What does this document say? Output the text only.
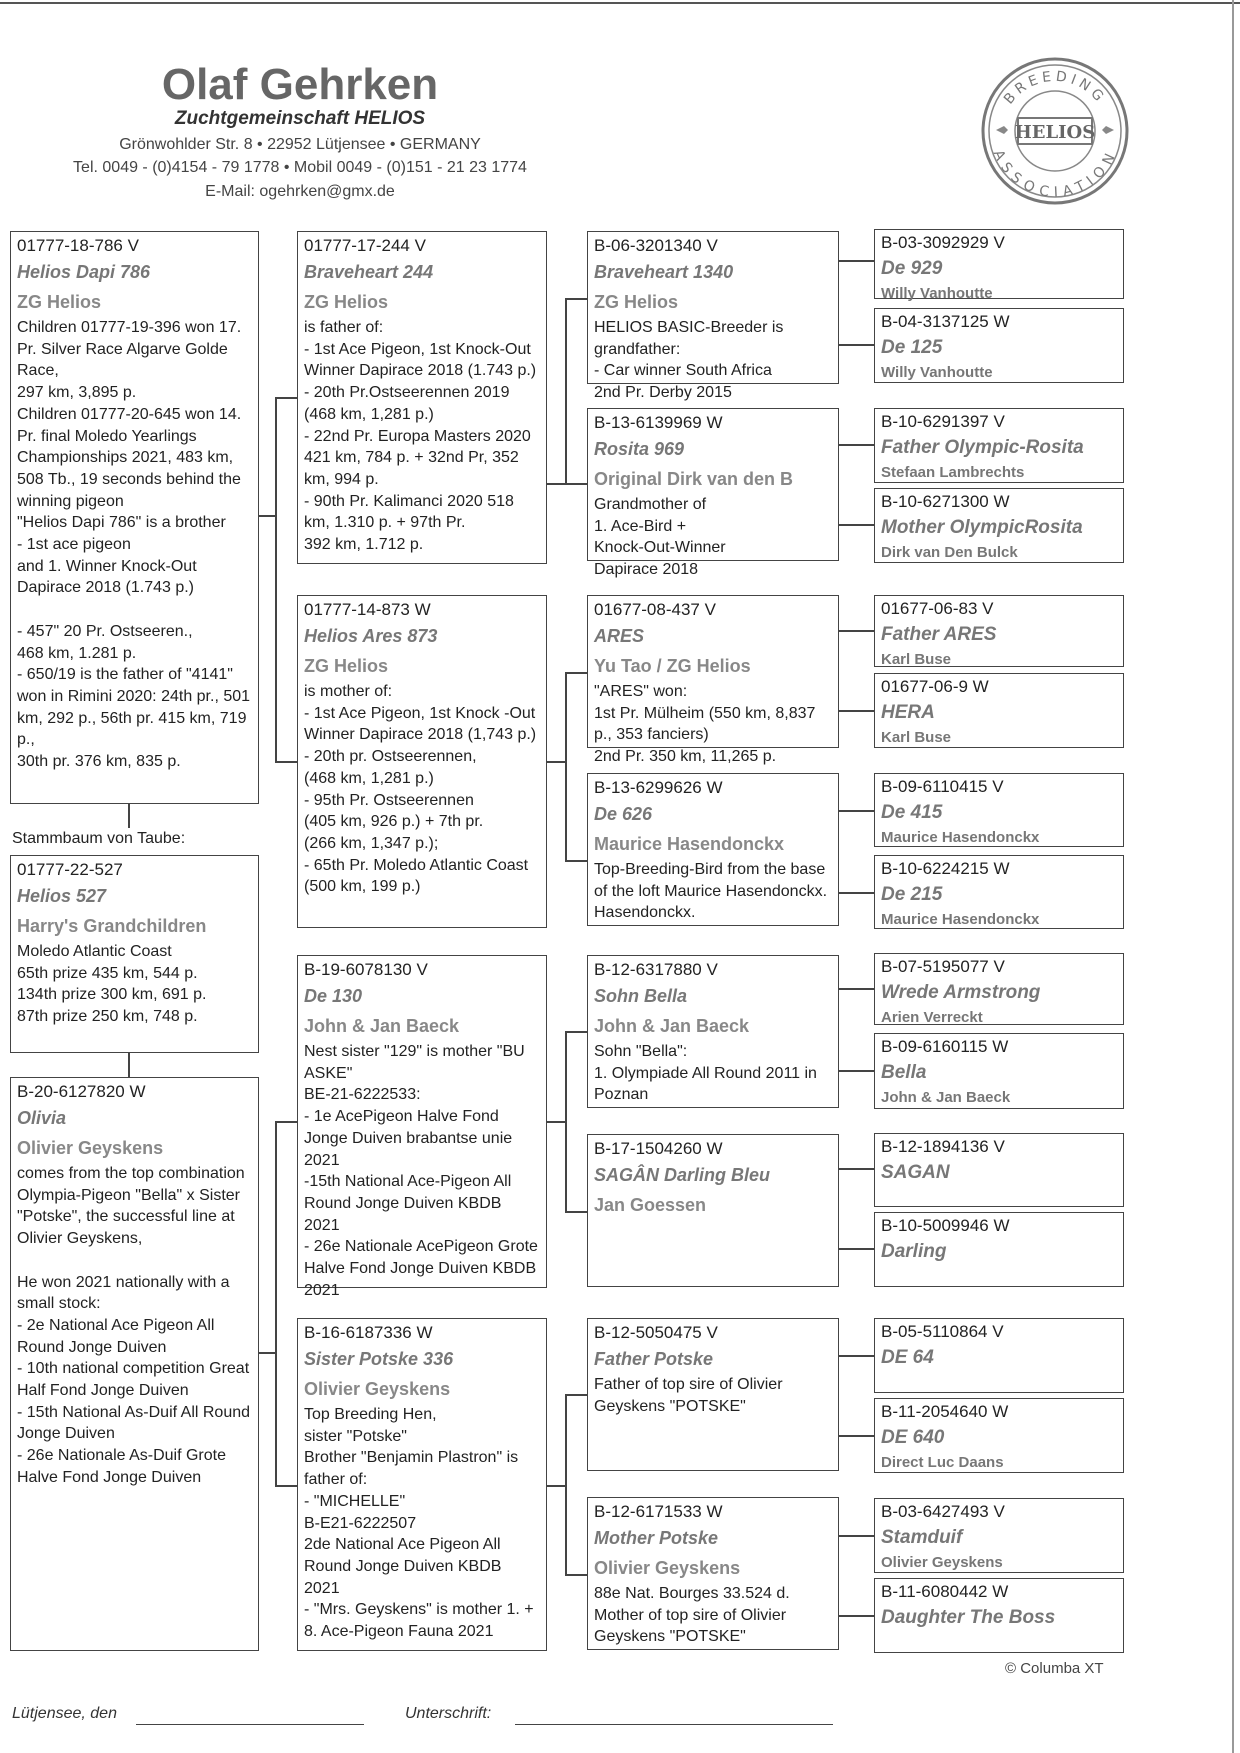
Olaf Gehrken
Zuchtgemeinschaft HELIOS
Grönwohlder Str. 8 • 22952 Lütjensee • GERMANY
Tel. 0049 - (0)4154 - 79 1778 • Mobil 0049 - (0)151 - 21 23 1774
E-Mail: ogehrken@gmx.de
BREEDING
ASSOCIATION
HELIOS
01777-18-786 V
Helios Dapi 786
ZG Helios
Children 01777-19-396 won 17. Pr. Silver Race Algarve Golde Race,
297 km, 3,895 p.
Children 01777-20-645 won 14. Pr. final Moledo Yearlings Championships 2021, 483 km, 508 Tb., 19 seconds behind the winning pigeon
"Helios Dapi 786" is a brother
- 1st ace pigeon
and 1. Winner Knock-Out Dapirace 2018 (1.743 p.)

- 457" 20 Pr. Ostseeren.,
468 km, 1.281 p.
- 650/19 is the father of "4141" won in Rimini 2020: 24th pr., 501 km, 292 p., 56th pr. 415 km, 719 p.,
30th pr. 376 km, 835 p.
Stammbaum von Taube:
01777-22-527
Helios 527
Harry's Grandchildren
Moledo Atlantic Coast
65th prize 435 km, 544 p.
134th prize 300 km, 691 p.
87th prize 250 km, 748 p.
B-20-6127820 W
Olivia
Olivier Geyskens
comes from the top combination Olympia-Pigeon "Bella" x Sister "Potske", the successful line at Olivier Geyskens,

He won 2021 nationally with a small stock:
- 2e National Ace Pigeon All Round Jonge Duiven
- 10th national competition Great Half Fond Jonge Duiven
- 15th National As-Duif All Round Jonge Duiven
- 26e Nationale As-Duif Grote Halve Fond Jonge Duiven
01777-17-244 V
Braveheart 244
ZG Helios
is father of:
- 1st Ace Pigeon, 1st Knock-Out Winner Dapirace 2018 (1.743 p.)
- 20th Pr.Ostseerennen 2019 (468 km, 1,281 p.)
- 22nd Pr. Europa Masters 2020 421 km, 784 p. + 32nd Pr, 352 km, 994 p.
- 90th Pr. Kalimanci 2020 518 km, 1.310 p. + 97th Pr.
392 km, 1.712 p.
01777-14-873 W
Helios Ares 873
ZG Helios
is mother of:
- 1st Ace Pigeon, 1st Knock -Out Winner Dapirace 2018 (1,743 p.)
- 20th pr. Ostseerennen,
(468 km, 1,281 p.)
- 95th Pr. Ostseerennen
(405 km, 926 p.) + 7th pr.
(266 km, 1,347 p.);
- 65th Pr. Moledo Atlantic Coast (500 km, 199 p.)
B-19-6078130 V
De 130
John & Jan Baeck
Nest sister "129" is mother "BU ASKE"
BE-21-6222533:
- 1e AcePigeon Halve Fond Jonge Duiven brabantse unie 2021
-15th National Ace-Pigeon All Round Jonge Duiven KBDB 2021
- 26e Nationale AcePigeon Grote Halve Fond Jonge Duiven KBDB 2021
B-16-6187336 W
Sister Potske 336
Olivier Geyskens
Top Breeding Hen,
sister "Potske"
Brother "Benjamin Plastron" is father of:
- "MICHELLE"
B-E21-6222507
2de National Ace Pigeon All Round Jonge Duiven KBDB 2021
- "Mrs. Geyskens" is mother 1. + 8. Ace-Pigeon Fauna 2021
B-06-3201340 V
Braveheart 1340
ZG Helios
HELIOS BASIC-Breeder is grandfather:
- Car winner South Africa
2nd Pr. Derby 2015
B-13-6139969 W
Rosita 969
Original Dirk van den B
Grandmother of
1. Ace-Bird +
Knock-Out-Winner
Dapirace 2018
01677-08-437 V
ARES
Yu Tao / ZG Helios
"ARES" won:
1st Pr. Mülheim (550 km, 8,837 p., 353 fanciers)
2nd Pr. 350 km, 11,265 p.
B-13-6299626 W
De 626
Maurice Hasendonckx
Top-Breeding-Bird from the base of the loft Maurice Hasendonckx.
Hasendonckx.
B-12-6317880 V
Sohn Bella
John & Jan Baeck
Sohn "Bella":
1. Olympiade All Round 2011 in Poznan
B-17-1504260 W
SAGÂN Darling Bleu
Jan Goessen
B-12-5050475 V
Father Potske
Father of top sire of Olivier Geyskens "POTSKE"
B-12-6171533 W
Mother Potske
Olivier Geyskens
88e Nat. Bourges 33.524 d.
Mother of top sire of Olivier Geyskens "POTSKE"
B-03-3092929 V
De 929
Willy Vanhoutte
B-04-3137125 W
De 125
Willy Vanhoutte
B-10-6291397 V
Father Olympic-Rosita
Stefaan Lambrechts
B-10-6271300 W
Mother OlympicRosita
Dirk van Den Bulck
01677-06-83 V
Father ARES
Karl Buse
01677-06-9 W
HERA
Karl Buse
B-09-6110415 V
De 415
Maurice Hasendonckx
B-10-6224215 W
De 215
Maurice Hasendonckx
B-07-5195077 V
Wrede Armstrong
Arien Verreckt
B-09-6160115 W
Bella
John & Jan Baeck
B-12-1894136 V
SAGAN
B-10-5009946 W
Darling
B-05-5110864 V
DE 64
B-11-2054640 W
DE 640
Direct Luc Daans
B-03-6427493 V
Stamduif
Olivier Geyskens
B-11-6080442 W
Daughter The Boss
© Columba XT
Lütjensee, den	Unterschrift:
